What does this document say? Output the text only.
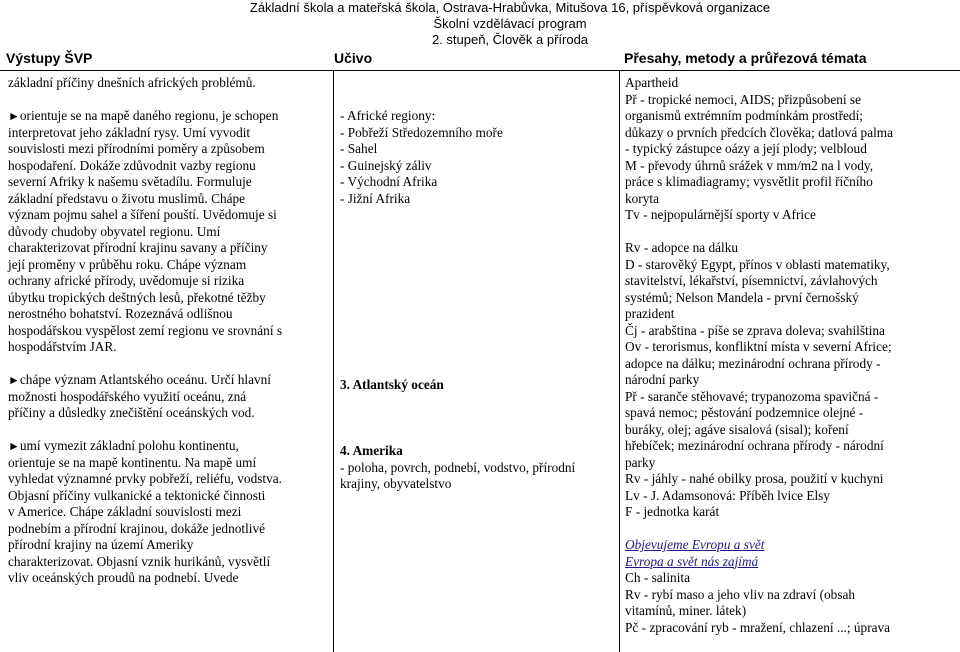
Základní škola a mateřská škola, Ostrava-Hrabůvka, Mitušova 16, příspěvková organizace
Školní vzdělávací program
2. stupeň, Člověk a příroda
Výstupy ŠVP	Učivo	Přesahy, metody a průřezová témata

základní příčiny dnešních afrických problémů.

►orientuje se na mapě daného regionu, je schopen

interpretovat jeho základní rysy. Umí vyvodit

souvislosti mezi přírodními poměry a způsobem

hospodaření. Dokáže zdůvodnit vazby regionu

severní Afriky k našemu světadílu. Formuluje

základní představu o životu muslimů. Chápe

význam pojmu sahel a šíření pouští. Uvědomuje si

důvody chudoby obyvatel regionu. Umí

charakterizovat přírodní krajinu savany a příčiny

její proměny v průběhu roku. Chápe význam

ochrany africké přírody, uvědomuje si rizika

úbytku tropických deštných lesů, překotné těžby

nerostného bohatství. Rozeznává odlišnou

hospodářskou vyspělost zemí regionu ve srovnání s

hospodářstvím JAR.

►chápe význam Atlantského oceánu. Určí hlavní

možnosti hospodářského využití oceánu, zná

příčiny a důsledky znečištění oceánských vod.

►umí vymezit základní polohu kontinentu,

orientuje se na mapě kontinentu. Na mapě umí

vyhledat významné prvky pobřeží, reliéfu, vodstva.

Objasní příčiny vulkanické a tektonické činnosti

v Americe. Chápe základní souvislosti mezi

podnebím a přírodní krajinou, dokáže jednotlivé

přírodní krajiny na území Ameriky

charakterizovat. Objasní vznik hurikánů, vysvětlí

vliv oceánských proudů na podnebí. Uvede

- Africké regiony:

- Pobřeží Středozemního moře

- Sahel

- Guinejský záliv

- Východní Afrika

- Jižní Afrika

3. Atlantský oceán

4. Amerika

- poloha, povrch, podnebí, vodstvo, přírodní

krajiny, obyvatelstvo

Apartheid

Př - tropické nemoci, AIDS; přizpůsobení se

organismů extrémním podmínkám prostředí;

důkazy o prvních předcích člověka; datlová palma

- typický zástupce oázy a její plody; velbloud

M - převody úhrnů srážek v mm/m2 na l vody,

práce s klimadiagramy; vysvětlit profil říčního

koryta

Tv - nejpopulárnější sporty v Africe

Rv - adopce na dálku

D - starověký Egypt, přínos v oblasti matematiky,

stavitelství, lékařství, písemnictví, závlahových

systémů; Nelson Mandela - první černošský

prazident

Čj - arabština - píše se zprava doleva; svahilština

Ov - terorismus, konfliktní místa v severní Africe;

adopce na dálku; mezinárodní ochrana přírody -

národní parky

Př - saranče stěhovavé; trypanozoma spavičná -

spavá nemoc; pěstování podzemnice olejné -

buráky, olej; agáve sisalová (sisal); koření

hřebíček; mezinárodní ochrana přírody - národní

parky

Rv - jáhly - nahé obilky prosa, použití v kuchyni

Lv - J. Adamsonová: Příběh lvice Elsy

F - jednotka karát

Objevujeme Evropu a svět

Evropa a svět nás zajímá

Ch - salinita

Rv - rybí maso a jeho vliv na zdraví (obsah

vitamínů, miner. látek)

Pč - zpracování ryb - mražení, chlazení ...; úprava
